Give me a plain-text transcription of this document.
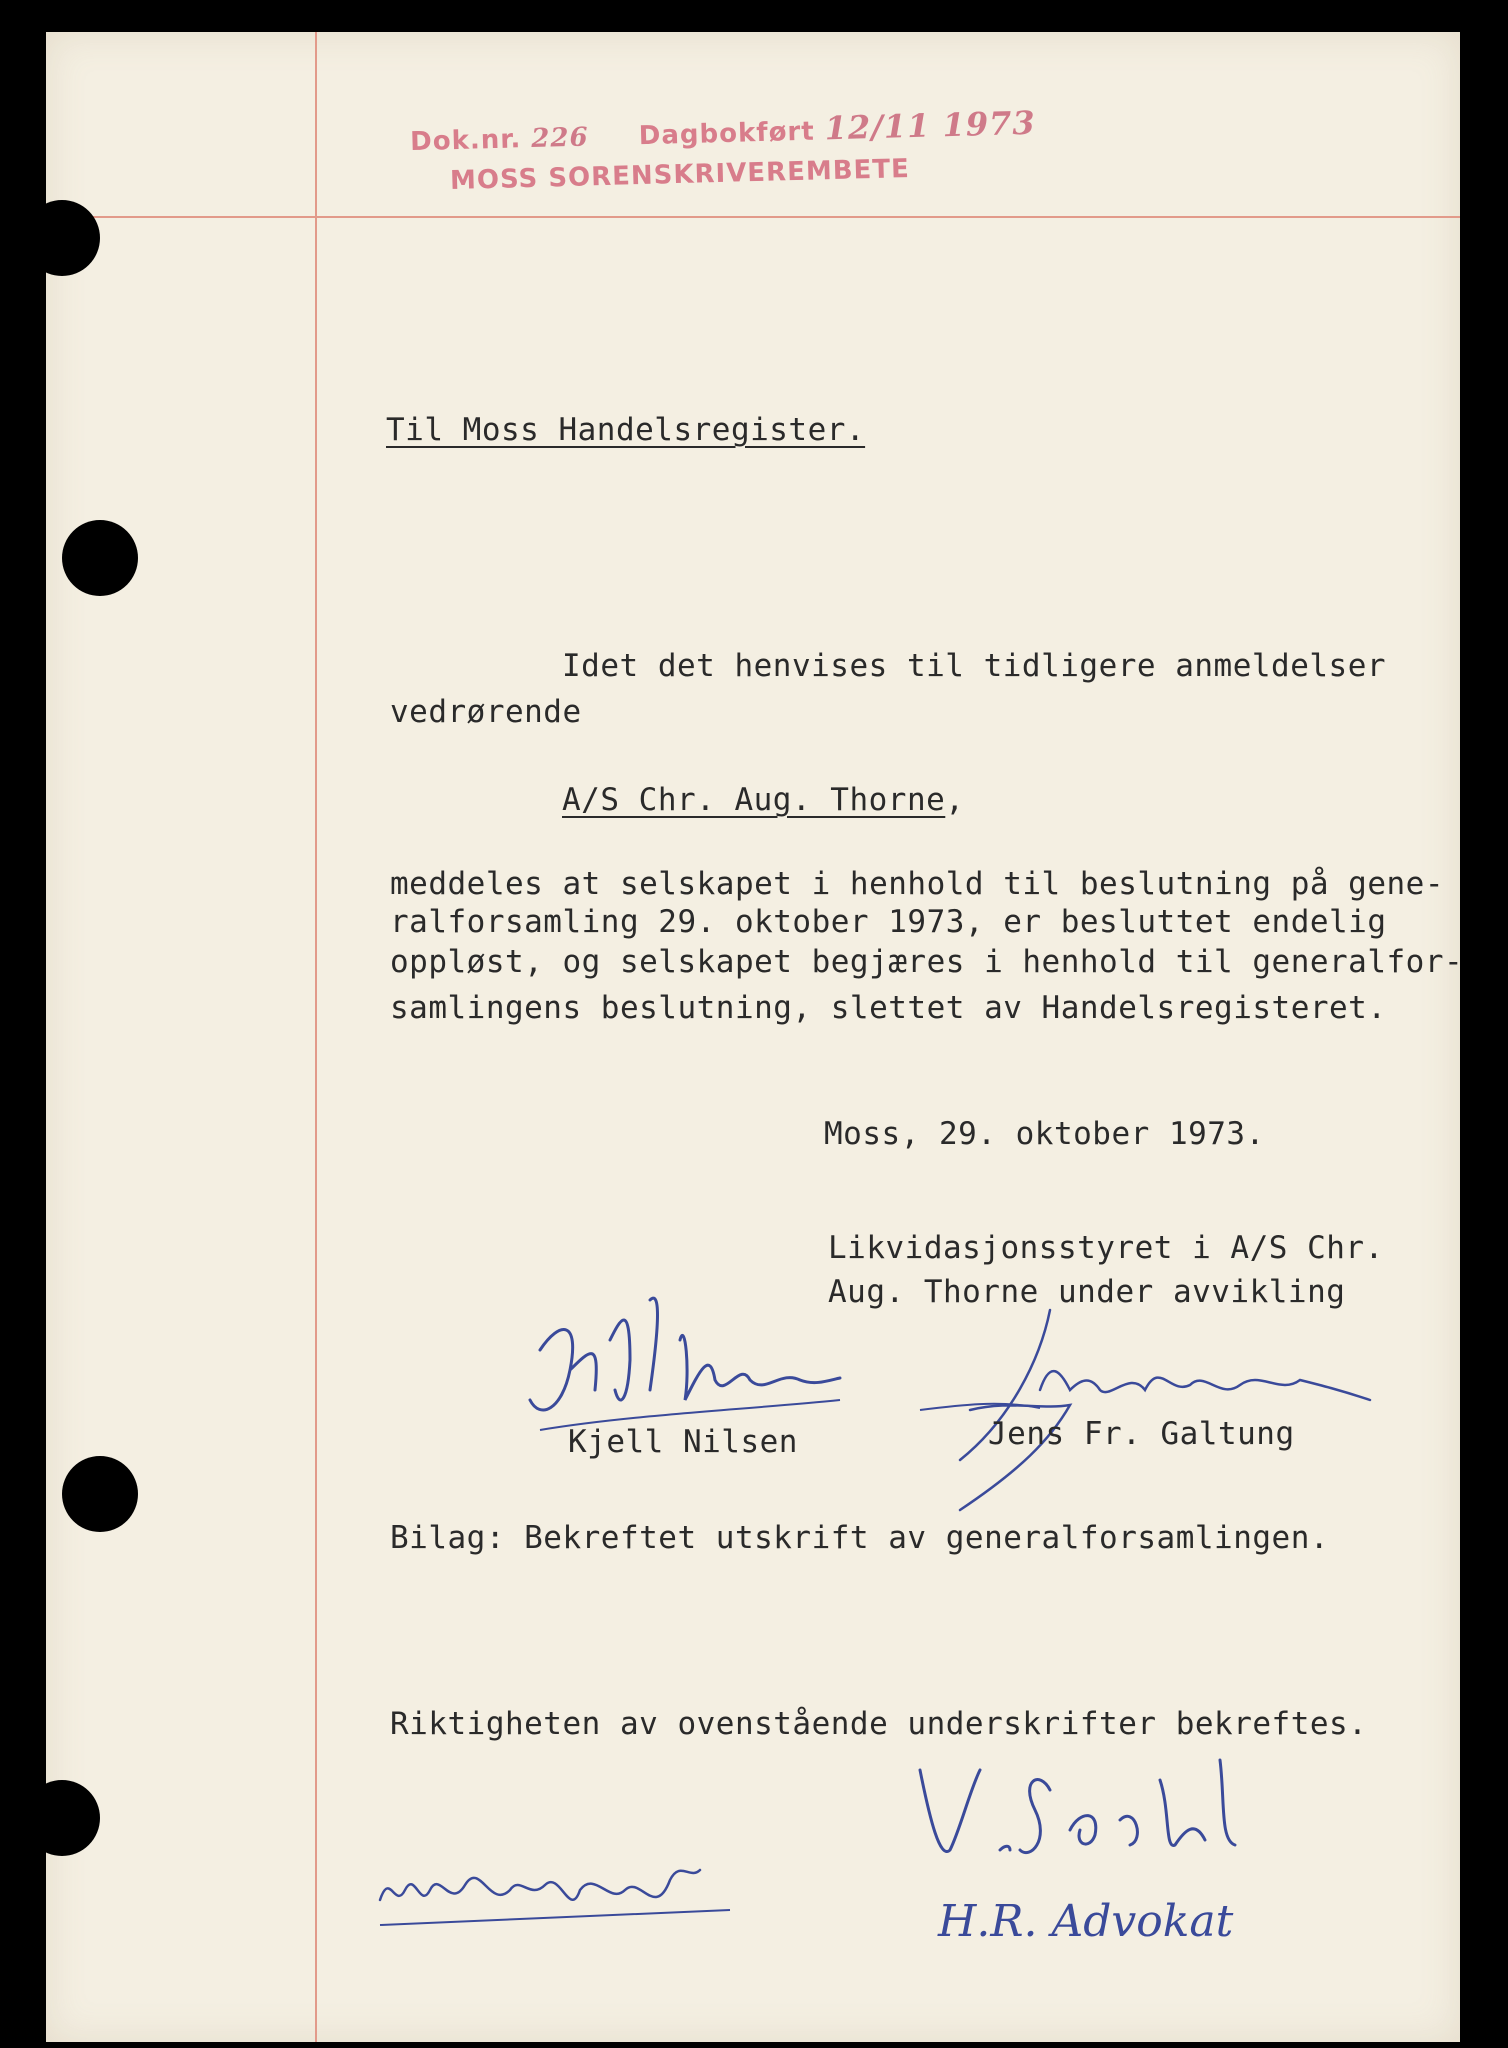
Dok.nr. 226 Dagbokført 12/11 1973
MOSS SORENSKRIVEREMBETE
Til Moss Handelsregister.
Idet det henvises til tidligere anmeldelser
vedrørende
A/S Chr. Aug. Thorne,
meddeles at selskapet i henhold til beslutning på gene-
ralforsamling 29. oktober 1973, er besluttet endelig
oppløst, og selskapet begjæres i henhold til generalfor-
samlingens beslutning, slettet av Handelsregisteret.
Moss, 29. oktober 1973.
Likvidasjonsstyret i A/S Chr.
Aug. Thorne under avvikling
Kjell Nilsen	Jens Fr. Galtung
Bilag: Bekreftet utskrift av generalforsamlingen.
Riktigheten av ovenstående underskrifter bekreftes.
H.R. Advokat
